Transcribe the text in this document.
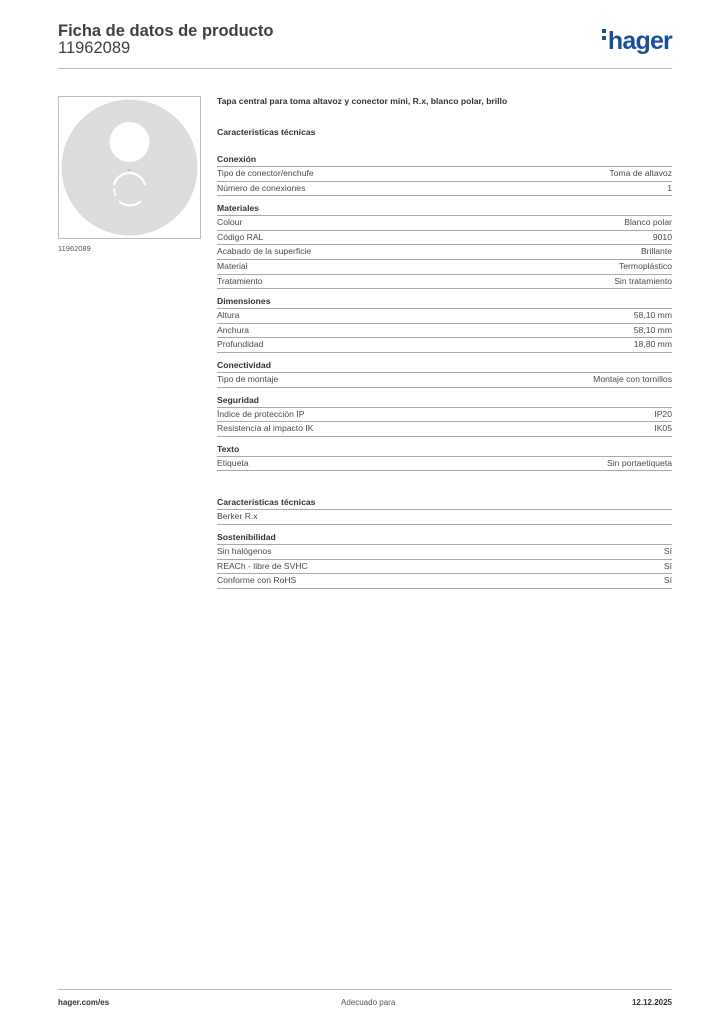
Ficha de datos de producto
11962089	hager
11962089
Tapa central para toma altavoz y conector mini, R.x, blanco polar, brillo
Características técnicas
Conexión
Tipo de conector/enchufe	Toma de altavoz
Número de conexiones	1
Materiales
Colour	Blanco polar
Código RAL	9010
Acabado de la superficie	Brillante
Material	Termoplástico
Tratamiento	Sin tratamiento
Dimensiones
Altura	58,10 mm
Anchura	58,10 mm
Profundidad	18,80 mm
Conectividad
Tipo de montaje	Montaje con tornillos
Seguridad
Índice de protección IP	IP20
Resistencia al impacto IK	IK05
Texto
Etiqueta	Sin portaetiqueta
Características técnicas
Berker R.x
Sostenibilidad
Sin halógenos	Sí
REACh - libre de SVHC	Sí
Conforme con RoHS	Sí
hager.com/es	Adecuado para	12.12.2025
